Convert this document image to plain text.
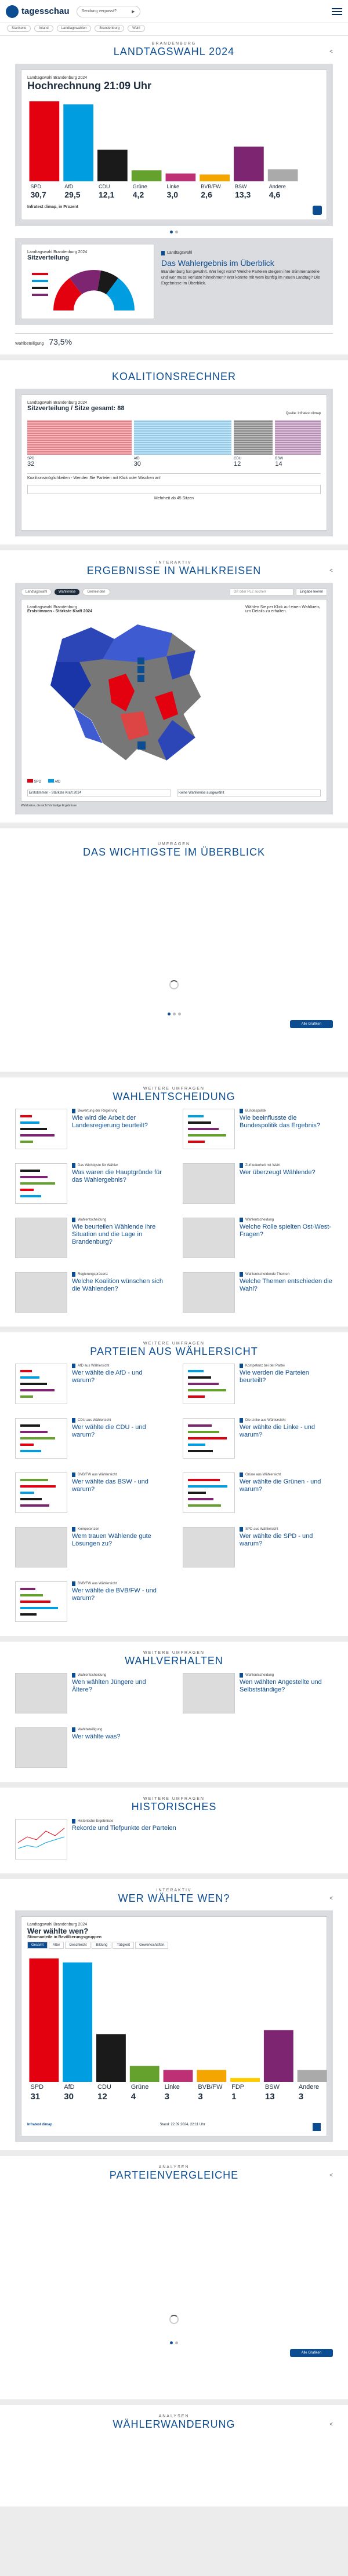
tagesschau	Sendung verpasst?	▶
Startseite	Inland	Landtagswahlen	Brandenburg	Wahl
BRANDENBURG
LANDTAGSWAHL 2024	<
Landtagswahl Brandenburg 2024
Hochrechnung 21:09 Uhr
SPD
30,7
AfD
29,5
CDU
12,1
Grüne
4,2
Linke
3,0
BVB/FW
2,6
BSW
13,3
Andere
4,6
Infratest dimap, in Prozent
Landtagswahl Brandenburg 2024
Sitzverteilung
Landtagswahl
Das Wahlergebnis im Überblick
Brandenburg hat gewählt. Wer liegt vorn? Welche Parteien steigern ihre Stimmenanteile und wer muss Verluste hinnehmen? Wer könnte mit wem künftig im neuen Landtag? Die Ergebnisse im Überblick.
Wahlbeteiligung 73,5%
KOALITIONSRECHNER
Landtagswahl Brandenburg 2024
Sitzverteilung / Sitze gesamt: 88
Quelle: Infratest dimap
SPD
32
AfD
30
CDU
12
BSW
14
Koalitionsmöglichkeiten - Wenden Sie Parteien mit Klick oder Wischen an!
Mehrheit ab 45 Sitzen
INTERAKTIV
ERGEBNISSE IN WAHLKREISEN	<
Landtagswahl	Wahlkreise	Gemeinden	Ort oder PLZ suchen	Eingabe leeren
Landtagswahl Brandenburg
Erststimmen - Stärkste Kraft 2024
Wählen Sie per Klick auf einen Wahlkreis, um Details zu erhalten.
SPD	AfD
Erststimmen - Stärkste Kraft 2024	Keine Wahlkreise ausgewählt
Wahlkreise, die nicht Vorläufige Ergebnisse
UMFRAGEN
DAS WICHTIGSTE IM ÜBERBLICK
Alle Grafiken
WEITERE UMFRAGEN
WAHLENTSCHEIDUNG
Bewertung der Regierung
Wie wird die Arbeit der Landesregierung beurteilt?
Bundespolitik
Wie beeinflusste die Bundespolitik das Ergebnis?
Das Wichtigste für Wähler
Was waren die Hauptgründe für das Wahlergebnis?
Zufriedenheit mit Wahl
Wer überzeugt Wählende?
Wahlentscheidung
Wie beurteilen Wählende ihre Situation und die Lage in Brandenburg?
Wahlentscheidung
Welche Rolle spielten Ost-West-Fragen?
Regierungspräsenz
Welche Koalition wünschen sich die Wählenden?
Wahlentscheidende Themen
Welche Themen entschieden die Wahl?
WEITERE UMFRAGEN
PARTEIEN AUS WÄHLERSICHT
AfD aus Wählersicht
Wer wählte die AfD - und warum?
Kompetenz bei der Partei
Wie werden die Parteien beurteilt?
CDU aus Wählersicht
Wer wählte die CDU - und warum?
Die Linke aus Wählersicht
Wer wählte die Linke - und warum?
BVB/FW aus Wählersicht
Wer wählte das BSW - und warum?
Grüne aus Wählersicht
Wer wählte die Grünen - und warum?
Kompetenzen
Wem trauen Wählende gute Lösungen zu?
SPD aus Wählersicht
Wer wählte die SPD - und warum?
BVB/FW aus Wählersicht
Wer wählte die BVB/FW - und warum?
WEITERE UMFRAGEN
WAHLVERHALTEN
Wahlentscheidung
Wen wählten Jüngere und Ältere?
Wahlentscheidung
Wen wählten Angestellte und Selbstständige?
Wahlbeteiligung
Wer wählte was?
WEITERE UMFRAGEN
HISTORISCHES
Historische Ergebnisse
Rekorde und Tiefpunkte der Parteien
INTERAKTIV
WER WÄHLTE WEN?	<
Landtagswahl Brandenburg 2024
Wer wählte wen?
Stimmanteile in Bevölkerungsgruppen
Gesamt	Alter	Geschlecht	Bildung	Tätigkeit	Gewerkschaften
SPD
31
AfD
30
CDU
12
Grüne
4
Linke
3
BVB/FW
3
FDP
1
BSW
13
Andere
3
Infratest dimap	Stand: 22.09.2024, 22:11 Uhr
ANALYSEN
PARTEIENVERGLEICHE	<
Alle Grafiken
ANALYSEN
WÄHLERWANDERUNG	<
